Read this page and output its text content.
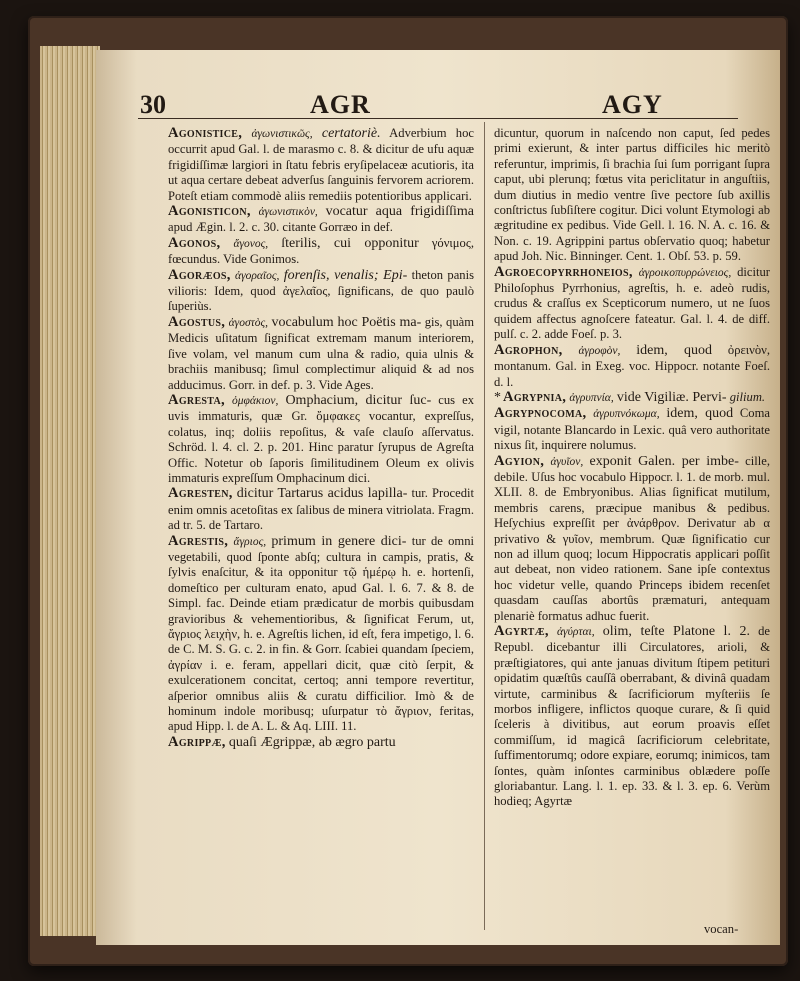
30	AGR	AGY

Agonistice, ἀγωνιστικῶς, certatoriè. Adverbium hoc occurrit apud Gal. l. de marasmo c. 8. & dicitur de ufu aquæ frigidiſſimæ largiori in ſtatu febris eryſipelaceæ acutioris, ita ut aqua certare debeat adverſus ſanguinis fervorem acriorem. Poteſt etiam commodè aliis remediis potentioribus applicari.

Agonisticon, ἀγωνιστικὸν, vocatur aqua frigidiſſima apud Ægin. l. 2. c. 30. citante Gorræo in def.

Agonos, ἄγονος, ſterilis, cui opponitur γόνιμος, fœcundus. Vide Gonimos.

Agoræos, ἀγοραῖος, forenſis, venalis; Epi- theton panis vilioris: Idem, quod ἀγελαῖος, ſignificans, de quo paulò ſuperiùs.

Agostus, ἀγοστὸς, vocabulum hoc Poëtis ma- gis, quàm Medicis uſitatum ſignificat extremam manum interiorem, ſive volam, vel manum cum ulna & radio, quia ulnis & brachiis manibusq; ſimul complectimur aliquid & ad nos adducimus. Gorr. in def. p. 3. Vide Ages.

Agresta, ὀμφάκιον, Omphacium, dicitur ſuc- cus ex uvis immaturis, quæ Gr. ὄμφακες vocantur, expreſſus, colatus, inq; doliis repoſitus, & vaſe clauſo aſſervatus. Schröd. l. 4. cl. 2. p. 201. Hinc paratur ſyrupus de Agreſta Offic. Notetur ob ſaporis ſimilitudinem Oleum ex olivis immaturis expreſſum Omphacinum dici.

Agresten, dicitur Tartarus acidus lapilla- tur. Procedit enim omnis acetoſitas ex ſalibus de minera vitriolata. Fragm. ad tr. 5. de Tartaro.

Agrestis, ἄγριος, primum in genere dici- tur de omni vegetabili, quod ſponte abſq; cultura in campis, pratis, & ſylvis enaſcitur, & ita opponitur τῷ ἡμέρῳ h. e. hortenſi, domeſtico per culturam enato, apud Gal. l. 6. 7. & 8. de Simpl. fac. Deinde etiam prædicatur de morbis quibusdam gravioribus & vehementioribus, & ſignificat Ferum, ut, ἄγριος λειχὴν, h. e. Agreſtis lichen, id eſt, fera impetigo, l. 6. de C. M. S. G. c. 2. in fin. & Gorr. ſcabiei quandam ſpeciem, ἀγρίαν i. e. feram, appellari dicit, quæ citò ſerpit, & exulcerationem concitat, certoq; anni tempore revertitur, aſperior omnibus aliis & curatu difficilior. Imò & de hominum indole moribusq; uſurpatur τὸ ἄγριον, feritas, apud Hipp. l. de A. L. & Aq. LIII. 11.

Agrippæ, quaſi Ægrippæ, ab ægro partu

dicuntur, quorum in naſcendo non caput, ſed pedes primi exierunt, & inter partus difficiles hic meritò referuntur, imprimis, ſi brachia ſui ſum porrigant ſupra caput, ubi plerunq; fœtus vita periclitatur in anguſtiis, dum diutius in medio ventre ſive pectore ſub axillis conſtrictus ſubſiſtere cogitur. Dici volunt Etymologi ab ægritudine ex pedibus. Vide Gell. l. 16. N. A. c. 16. & Non. c. 19. Agrippini partus obſervatio quoq; habetur apud Joh. Nic. Binninger. Cent. 1. Obſ. 53. p. 59.

Agroecopyrrhoneios, ἀγροικοπυρρώνειος, dicitur Philoſophus Pyrrhonius, agreſtis, h. e. adeò rudis, crudus & craſſus ex Scepticorum numero, ut ne ſuos quidem affectus agnoſcere fateatur. Gal. l. 4. de diff. pulſ. c. 2. adde Foeſ. p. 3.

Agrophon, ἀγροφὸν, idem, quod ὀρεινὸν, montanum. Gal. in Exeg. voc. Hippocr. notante Foeſ. d. l.

* Agrypnia, ἀγρυπνία, vide Vigiliæ. Pervi- gilium.

Agrypnocoma, ἀγρυπνόκωμα, idem, quod Coma vigil, notante Blancardo in Lexic. quâ vero authoritate nixus ſit, inquirere nolumus.

Agyion, ἀγυῖον, exponit Galen. per imbe- cille, debile. Uſus hoc vocabulo Hippocr. l. 1. de morb. mul. XLII. 8. de Embryonibus. Alias ſignificat mutilum, membris carens, præcipue manibus & pedibus. Heſychius expreſſit per ἀνάρθρον. Derivatur ab α privativo & γυῖον, membrum. Quæ ſignificatio cur non ad illum quoq; locum Hippocratis applicari poſſit aut debeat, non video rationem. Sane ipſe contextus hoc videtur velle, quando Princeps ibidem recenſet quasdam cauſſas abortûs præmaturi, antequam plenariè formatus adhuc fuerit.

Agyrtæ, ἀγύρται, olim, teſte Platone l. 2. de Republ. dicebantur illi Circulatores, arioli, & præſtigiatores, qui ante januas divitum ſtipem petituri opidatim quæſtûs cauſſâ oberrabant, & divinâ quadam virtute, carminibus & ſacrificiorum myſteriis ſe morbos infligere, inflictos quoque curare, & ſi quid ſceleris à divitibus, aut eorum proavis eſſet commiſſum, id magicâ ſacrificiorum celebritate, ſuffimentorumq; odore expiare, eorumq; inimicos, tam ſontes, quàm inſontes carminibus oblædere poſſe gloriabantur. Lang. l. 1. ep. 33. & l. 3. ep. 6. Verùm hodieq; Agyrtæ

vocan-
